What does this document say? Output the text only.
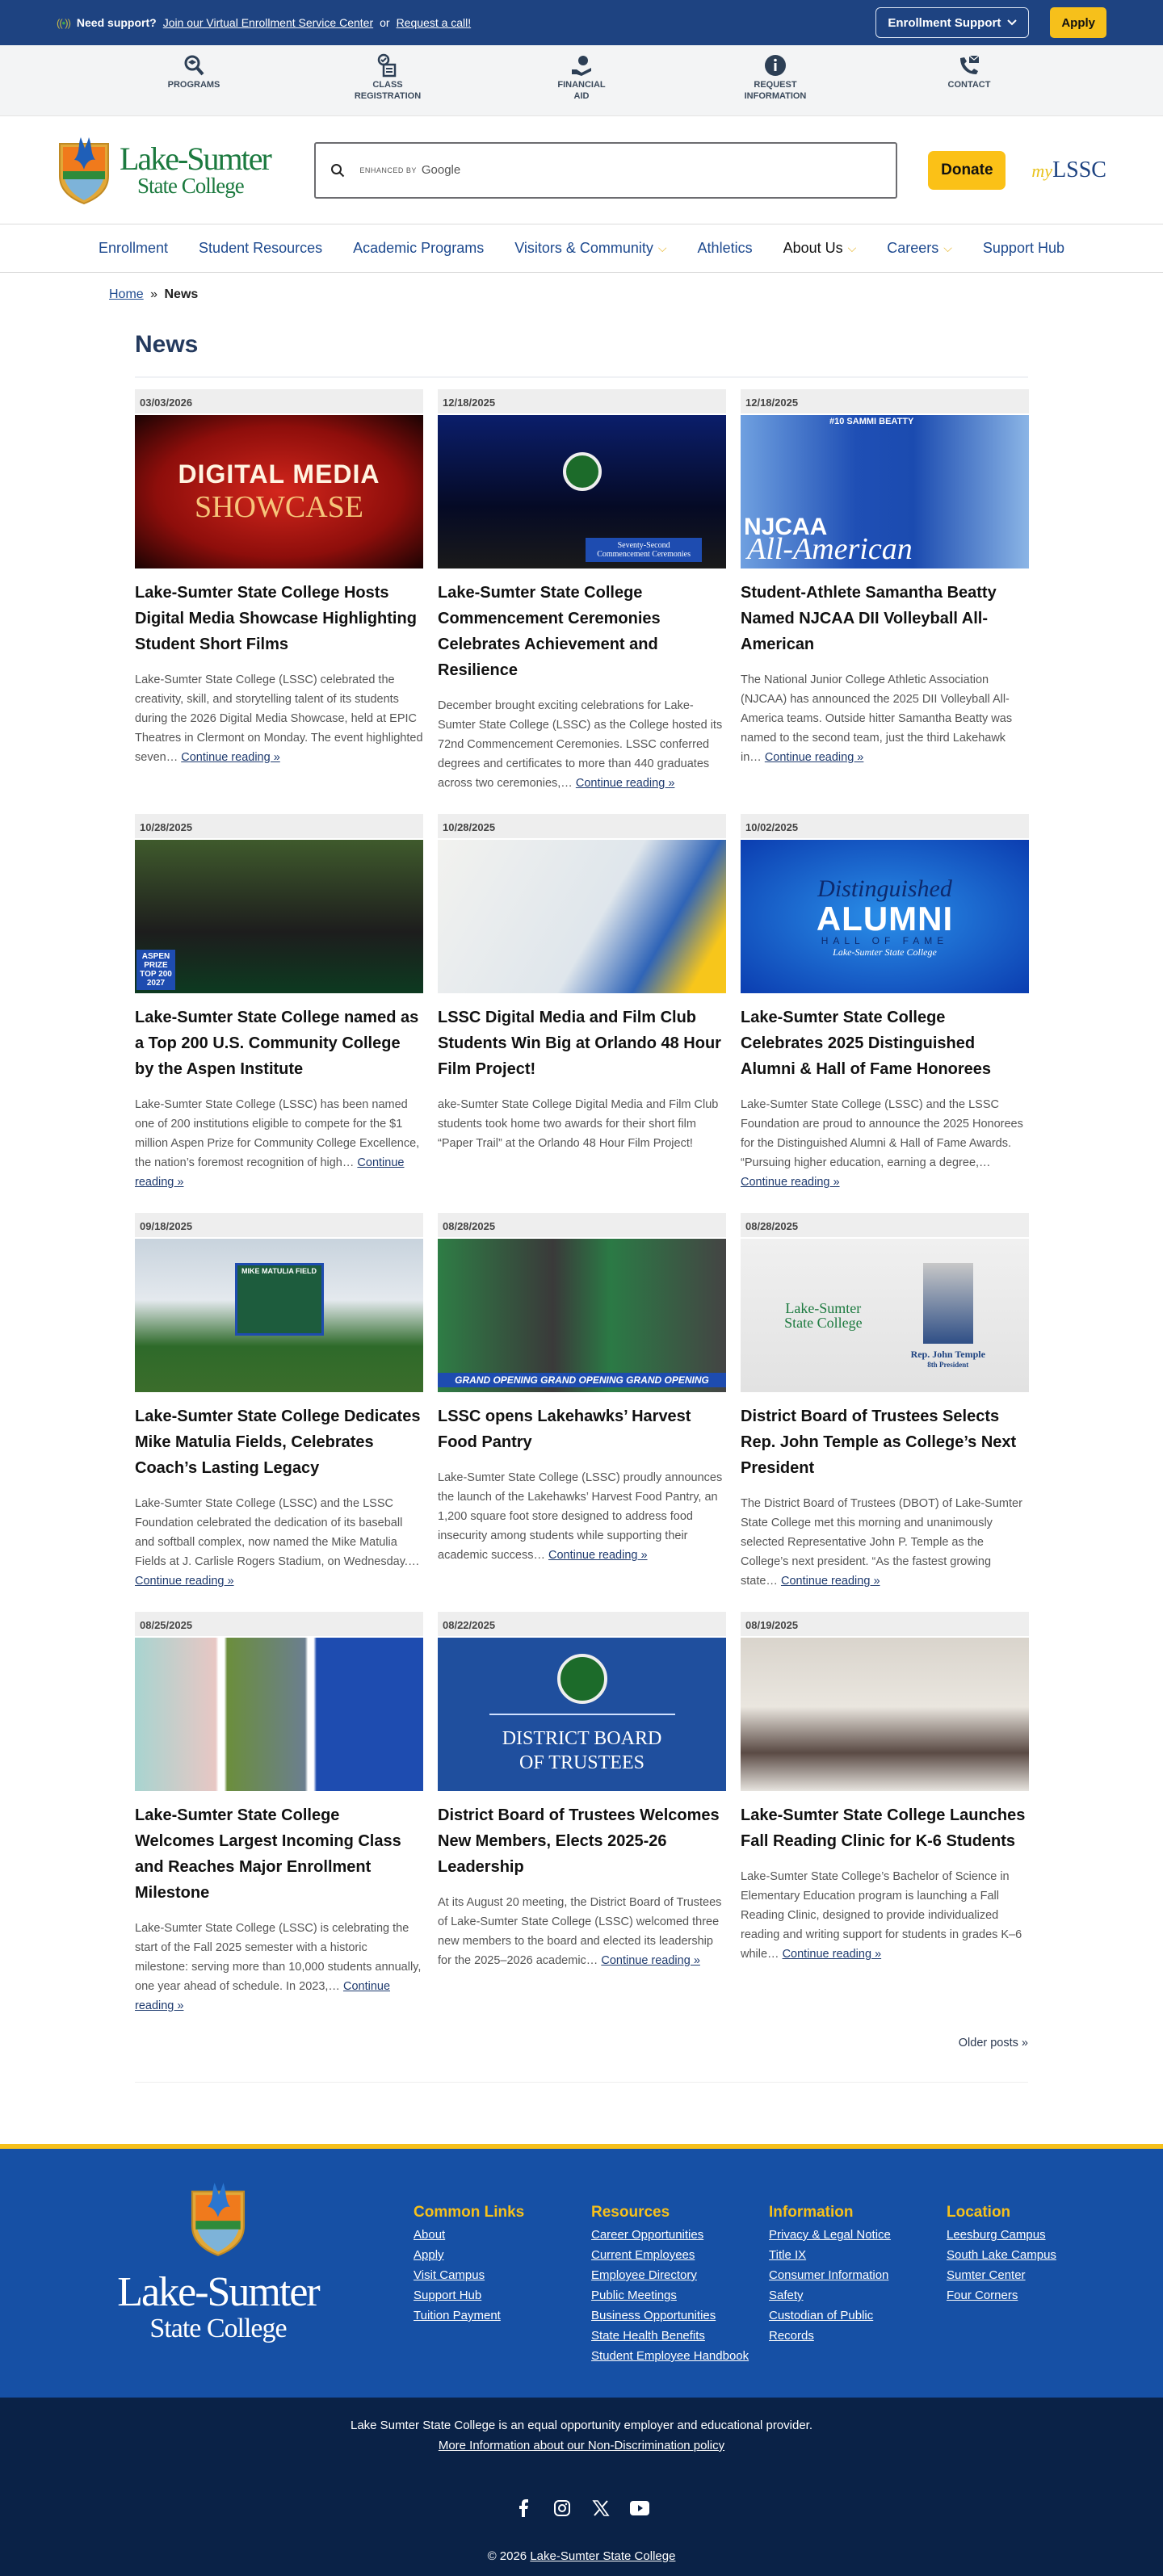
((•)) Need support? Join our Virtual Enrollment Service Center or Request a call!	Enrollment Support	Apply
PROGRAMS	CLASS
REGISTRATION
FINANCIAL
AID
REQUEST
INFORMATION
CONTACT
Lake-Sumter
State College
ENHANCED BY Google	Donate	myLSSC
Enrollment Student Resources Academic Programs Visitors & Community ⌵ Athletics About Us ⌵ Careers ⌵ Support Hub
Home » News
News
03/03/2026
DIGITAL MEDIA
SHOWCASE
Lake-Sumter State College Hosts Digital Media Showcase Highlighting Student Short Films

Lake-Sumter State College (LSSC) celebrated the creativity, skill, and storytelling talent of its students during the 2026 Digital Media Showcase, held at EPIC Theatres in Clermont on Monday. The event highlighted seven… Continue reading »

12/18/2025
Seventy-Second
Commencement Ceremonies
Lake-Sumter State College Commencement Ceremonies Celebrates Achievement and Resilience

December brought exciting celebrations for Lake-Sumter State College (LSSC) as the College hosted its 72nd Commencement Ceremonies. LSSC conferred degrees and certificates to more than 440 graduates across two ceremonies,… Continue reading »

12/18/2025
#10 SAMMI BEATTY
NJCAA
All-American
Student-Athlete Samantha Beatty Named NJCAA DII Volleyball All-American

The National Junior College Athletic Association (NJCAA) has announced the 2025 DII Volleyball All-America teams. Outside hitter Samantha Beatty was named to the second team, just the third Lakehawk in… Continue reading »

10/28/2025
ASPEN PRIZE
TOP 200
2027
Lake-Sumter State College named as a Top 200 U.S. Community College by the Aspen Institute

Lake-Sumter State College (LSSC) has been named one of 200 institutions eligible to compete for the $1 million Aspen Prize for Community College Excellence, the nation’s foremost recognition of high… Continue reading »

10/28/2025
LSSC Digital Media and Film Club Students Win Big at Orlando 48 Hour Film Project!

ake-Sumter State College Digital Media and Film Club students took home two awards for their short film “Paper Trail” at the Orlando 48 Hour Film Project!

10/02/2025
Distinguished
ALUMNI
HALL OF FAME
Lake-Sumter State College
Lake-Sumter State College Celebrates 2025 Distinguished Alumni & Hall of Fame Honorees

Lake-Sumter State College (LSSC) and the LSSC Foundation are proud to announce the 2025 Honorees for the Distinguished Alumni & Hall of Fame Awards. “Pursuing higher education, earning a degree,… Continue reading »

09/18/2025
MIKE MATULIA FIELD
Lake-Sumter State College Dedicates Mike Matulia Fields, Celebrates Coach’s Lasting Legacy

Lake-Sumter State College (LSSC) and the LSSC Foundation celebrated the dedication of its baseball and softball complex, now named the Mike Matulia Fields at J. Carlisle Rogers Stadium, on Wednesday.… Continue reading »

08/28/2025
GRAND OPENING GRAND OPENING GRAND OPENING
LSSC opens Lakehawks’ Harvest Food Pantry

Lake-Sumter State College (LSSC) proudly announces the launch of the Lakehawks’ Harvest Food Pantry, an 1,200 square foot store designed to address food insecurity among students while supporting their academic success… Continue reading »

08/28/2025
Lake-Sumter
State College
Rep. John Temple
8th President
District Board of Trustees Selects Rep. John Temple as College’s Next President

The District Board of Trustees (DBOT) of Lake-Sumter State College met this morning and unanimously selected Representative John P. Temple as the College’s next president. “As the fastest growing state… Continue reading »

08/25/2025
Lake-Sumter State College Welcomes Largest Incoming Class and Reaches Major Enrollment Milestone

Lake-Sumter State College (LSSC) is celebrating the start of the Fall 2025 semester with a historic milestone: serving more than 10,000 students annually, one year ahead of schedule. In 2023,… Continue reading »

08/22/2025
DISTRICT BOARD
OF TRUSTEES
District Board of Trustees Welcomes New Members, Elects 2025-26 Leadership

At its August 20 meeting, the District Board of Trustees of Lake-Sumter State College (LSSC) welcomed three new members to the board and elected its leadership for the 2025–2026 academic… Continue reading »

08/19/2025
Lake-Sumter State College Launches Fall Reading Clinic for K-6 Students

Lake-Sumter State College’s Bachelor of Science in Elementary Education program is launching a Fall Reading Clinic, designed to provide individualized reading and writing support for students in grades K–6 while… Continue reading »

Older posts »
Lake-Sumter
State College
Common Links
About
Apply
Visit Campus
Support Hub
Tuition Payment
Resources
Career Opportunities
Current Employees
Employee Directory
Public Meetings
Business Opportunities
State Health Benefits
Student Employee Handbook
Information
Privacy & Legal Notice
Title IX
Consumer Information
Safety
Custodian of Public
Records
Location
Leesburg Campus
South Lake Campus
Sumter Center
Four Corners
Lake Sumter State College is an equal opportunity employer and educational provider.
More Information about our Non-Discrimination policy
© 2026 Lake-Sumter State College
